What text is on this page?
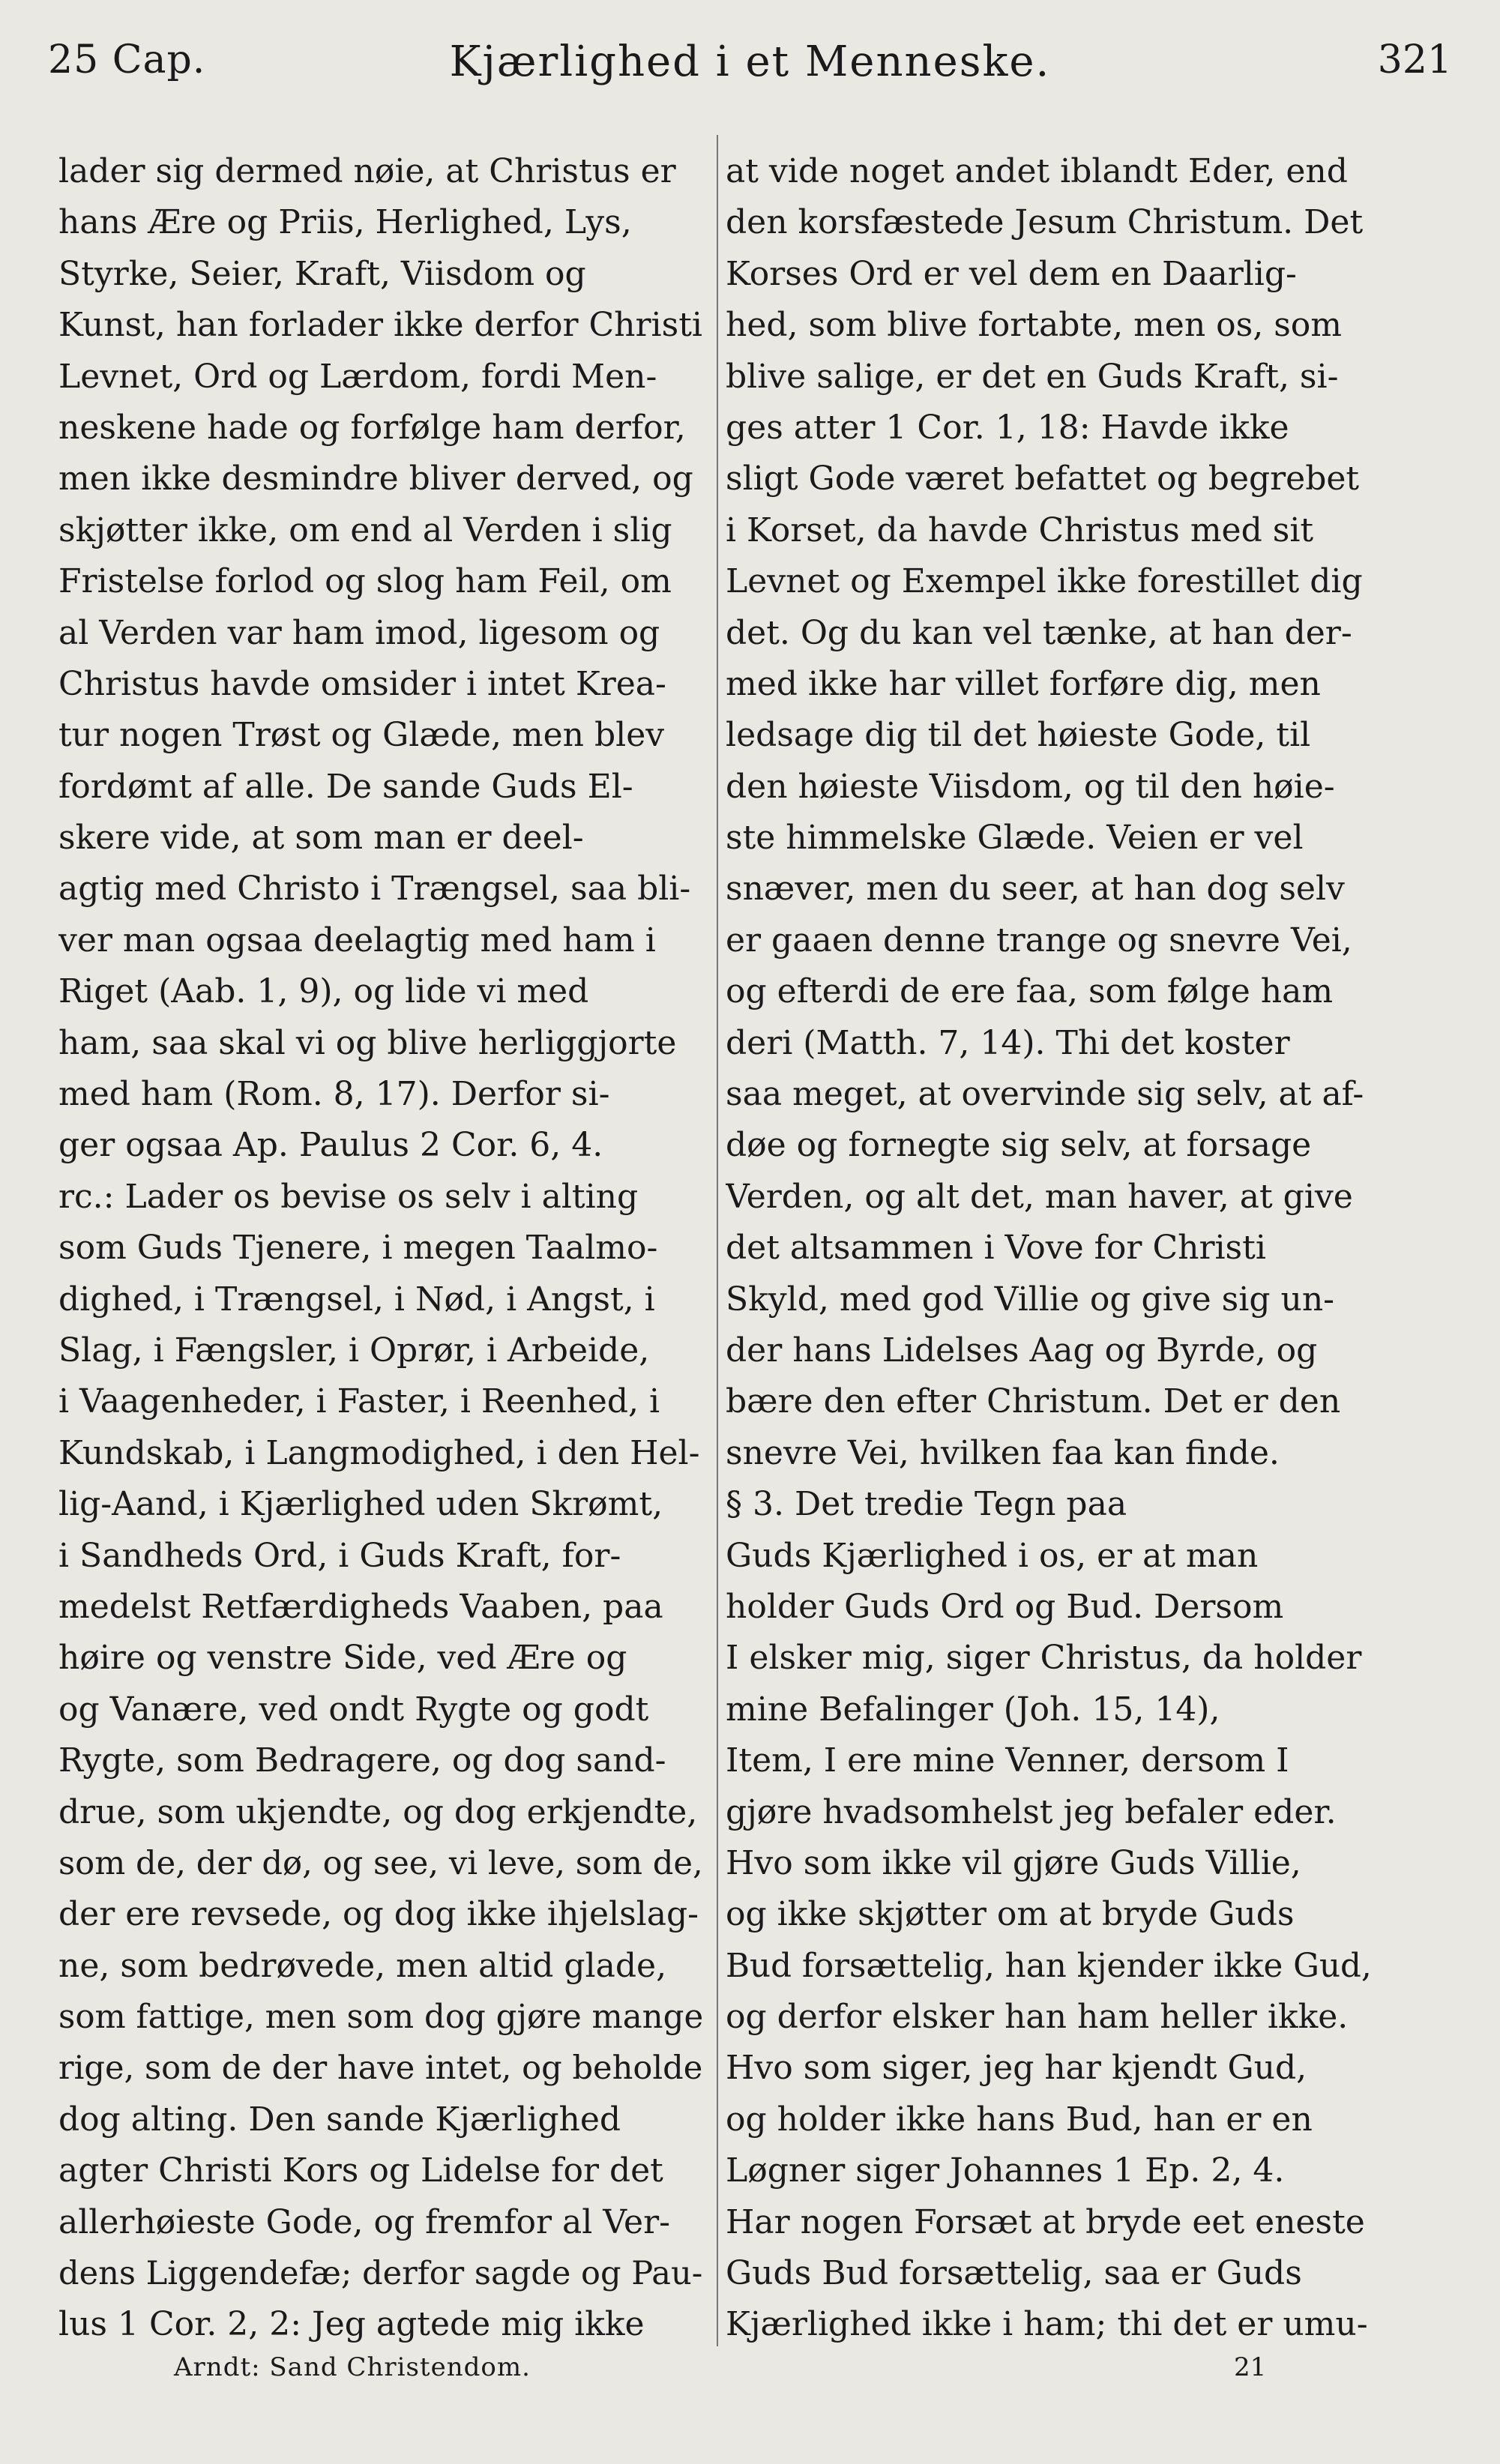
25 Cap.	Kjærlighed i et Menneske.	321
lader sig dermed nøie, at Christus er
hans Ære og Priis, Herlighed, Lys,
Styrke, Seier, Kraft, Viisdom og
Kunst, han forlader ikke derfor Christi
Levnet, Ord og Lærdom, fordi Men-
neskene hade og forfølge ham derfor,
men ikke desmindre bliver derved, og
skjøtter ikke, om end al Verden i slig
Fristelse forlod og slog ham Feil, om
al Verden var ham imod, ligesom og
Christus havde omsider i intet Krea-
tur nogen Trøst og Glæde, men blev
fordømt af alle. De sande Guds El-
skere vide, at som man er deel-
agtig med Christo i Trængsel, saa bli-
ver man ogsaa deelagtig med ham i
Riget (Aab. 1, 9), og lide vi med
ham, saa skal vi og blive herliggjorte
med ham (Rom. 8, 17). Derfor si-
ger ogsaa Ap. Paulus 2 Cor. 6, 4.
rc.: Lader os bevise os selv i alting
som Guds Tjenere, i megen Taalmo-
dighed, i Trængsel, i Nød, i Angst, i
Slag, i Fængsler, i Oprør, i Arbeide,
i Vaagenheder, i Faster, i Reenhed, i
Kundskab, i Langmodighed, i den Hel-
lig-Aand, i Kjærlighed uden Skrømt,
i Sandheds Ord, i Guds Kraft, for-
medelst Retfærdigheds Vaaben, paa
høire og venstre Side, ved Ære og
og Vanære, ved ondt Rygte og godt
Rygte, som Bedragere, og dog sand-
drue, som ukjendte, og dog erkjendte,
som de, der dø, og see, vi leve, som de,
der ere revsede, og dog ikke ihjelslag-
ne, som bedrøvede, men altid glade,
som fattige, men som dog gjøre mange
rige, som de der have intet, og beholde
dog alting. Den sande Kjærlighed
agter Christi Kors og Lidelse for det
allerhøieste Gode, og fremfor al Ver-
dens Liggendefæ; derfor sagde og Pau-
lus 1 Cor. 2, 2: Jeg agtede mig ikke
at vide noget andet iblandt Eder, end
den korsfæstede Jesum Christum. Det
Korses Ord er vel dem en Daarlig-
hed, som blive fortabte, men os, som
blive salige, er det en Guds Kraft, si-
ges atter 1 Cor. 1, 18: Havde ikke
sligt Gode været befattet og begrebet
i Korset, da havde Christus med sit
Levnet og Exempel ikke forestillet dig
det. Og du kan vel tænke, at han der-
med ikke har villet forføre dig, men
ledsage dig til det høieste Gode, til
den høieste Viisdom, og til den høie-
ste himmelske Glæde. Veien er vel
snæver, men du seer, at han dog selv
er gaaen denne trange og snevre Vei,
og efterdi de ere faa, som følge ham
deri (Matth. 7, 14). Thi det koster
saa meget, at overvinde sig selv, at af-
døe og fornegte sig selv, at forsage
Verden, og alt det, man haver, at give
det altsammen i Vove for Christi
Skyld, med god Villie og give sig un-
der hans Lidelses Aag og Byrde, og
bære den efter Christum. Det er den
snevre Vei, hvilken faa kan finde.
§ 3. Det tredie Tegn paa
Guds Kjærlighed i os, er at man
holder Guds Ord og Bud. Dersom
I elsker mig, siger Christus, da holder
mine Befalinger (Joh. 15, 14),
Item, I ere mine Venner, dersom I
gjøre hvadsomhelst jeg befaler eder.
Hvo som ikke vil gjøre Guds Villie,
og ikke skjøtter om at bryde Guds
Bud forsættelig, han kjender ikke Gud,
og derfor elsker han ham heller ikke.
Hvo som siger, jeg har kjendt Gud,
og holder ikke hans Bud, han er en
Løgner siger Johannes 1 Ep. 2, 4.
Har nogen Forsæt at bryde eet eneste
Guds Bud forsættelig, saa er Guds
Kjærlighed ikke i ham; thi det er umu-
Arndt: Sand Christendom.	21
